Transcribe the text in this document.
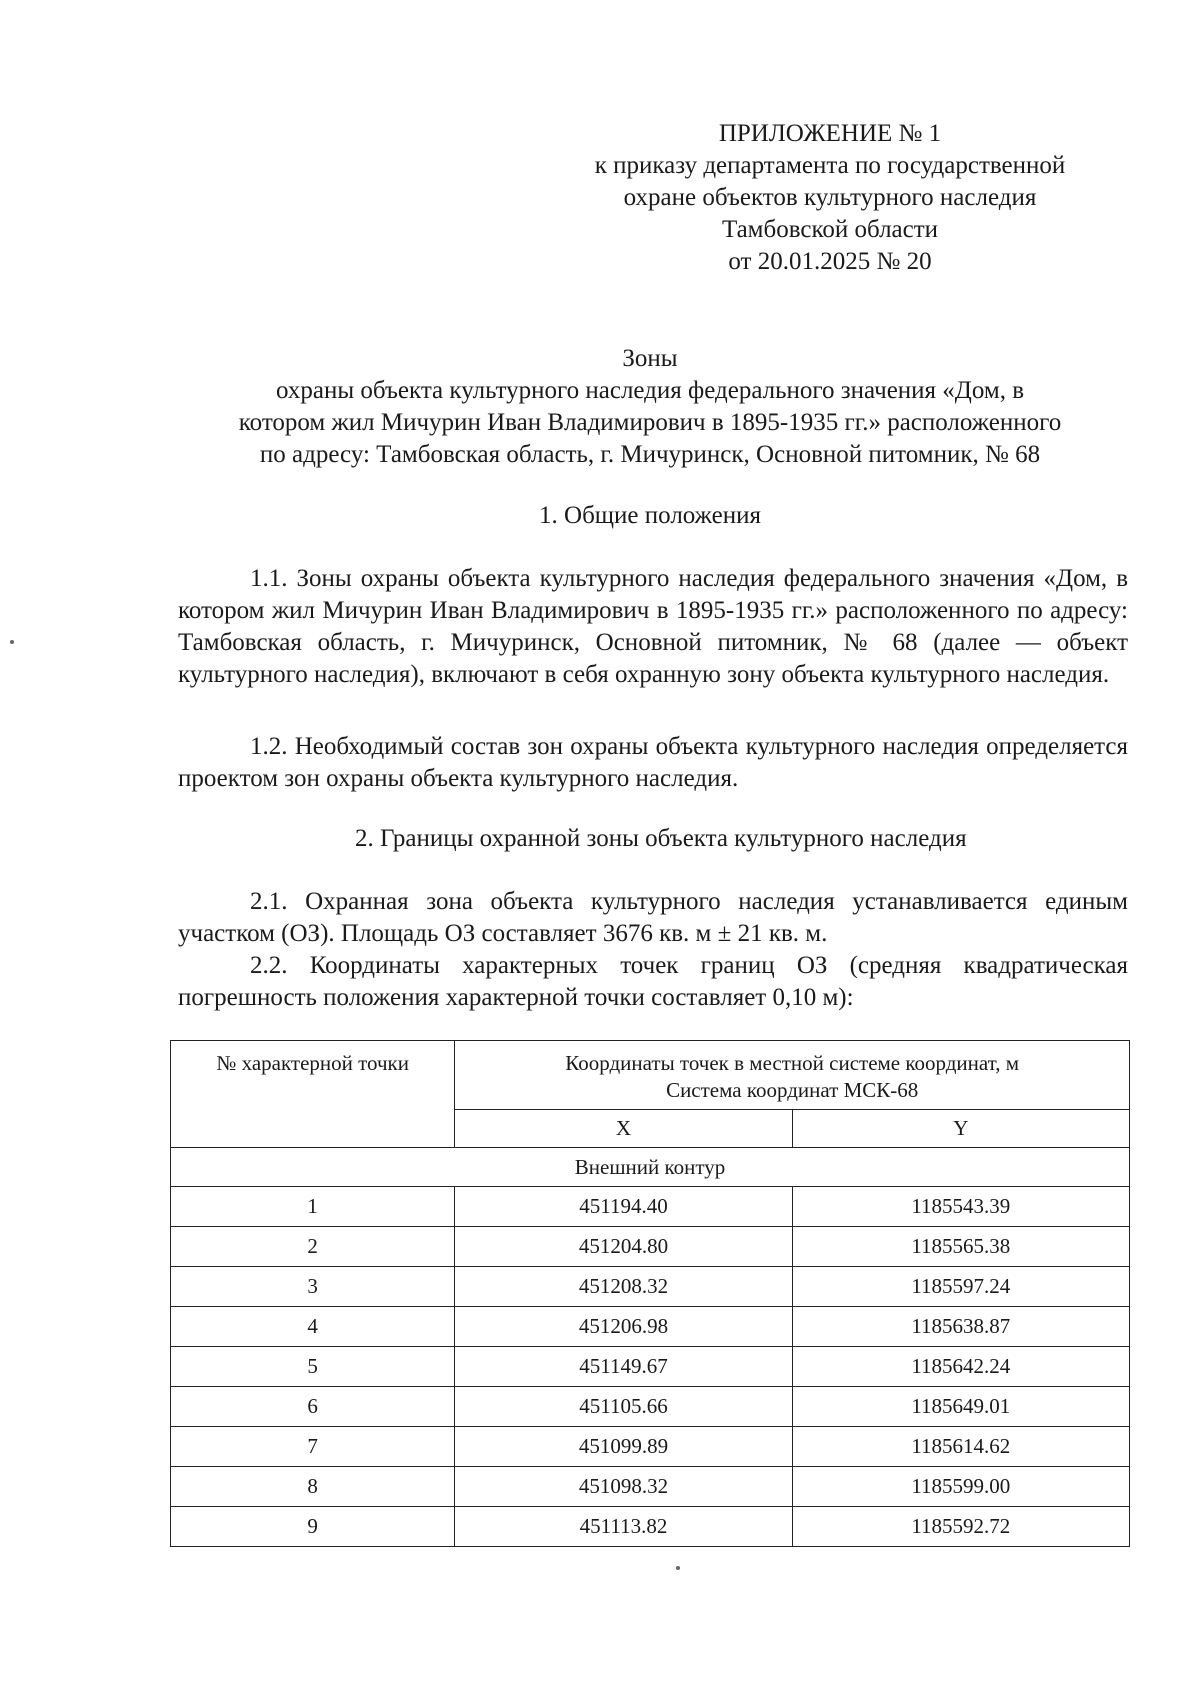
ПРИЛОЖЕНИЕ № 1
к приказу департамента по государственной
охране объектов культурного наследия
Тамбовской области
от 20.01.2025 № 20
Зоны
охраны объекта культурного наследия федерального значения «Дом, в
котором жил Мичурин Иван Владимирович в 1895-1935 гг.» расположенного
по адресу: Тамбовская область, г. Мичуринск, Основной питомник, № 68
1. Общие положения
1.1. Зоны охраны объекта культурного наследия федерального значения «Дом, в котором жил Мичурин Иван Владимирович в 1895-1935 гг.» расположенного по адресу: Тамбовская область, г. Мичуринск, Основной питомник, № 68 (далее — объект культурного наследия), включают в себя охранную зону объекта культурного наследия.
1.2. Необходимый состав зон охраны объекта культурного наследия определяется проектом зон охраны объекта культурного наследия.
2. Границы охранной зоны объекта культурного наследия
2.1. Охранная зона объекта культурного наследия устанавливается единым участком (ОЗ). Площадь ОЗ составляет 3676 кв. м ± 21 кв. м.
2.2. Координаты характерных точек границ ОЗ (средняя квадратическая погрешность положения характерной точки составляет 0,10 м):
№ характерной точки	Координаты точек в местной системе координат, м
Система координат МСК-68	

	X	Y
Внешний контур		
1	451194.40	1185543.39
2	451204.80	1185565.38
3	451208.32	1185597.24
4	451206.98	1185638.87
5	451149.67	1185642.24
6	451105.66	1185649.01
7	451099.89	1185614.62
8	451098.32	1185599.00
9	451113.82	1185592.72
